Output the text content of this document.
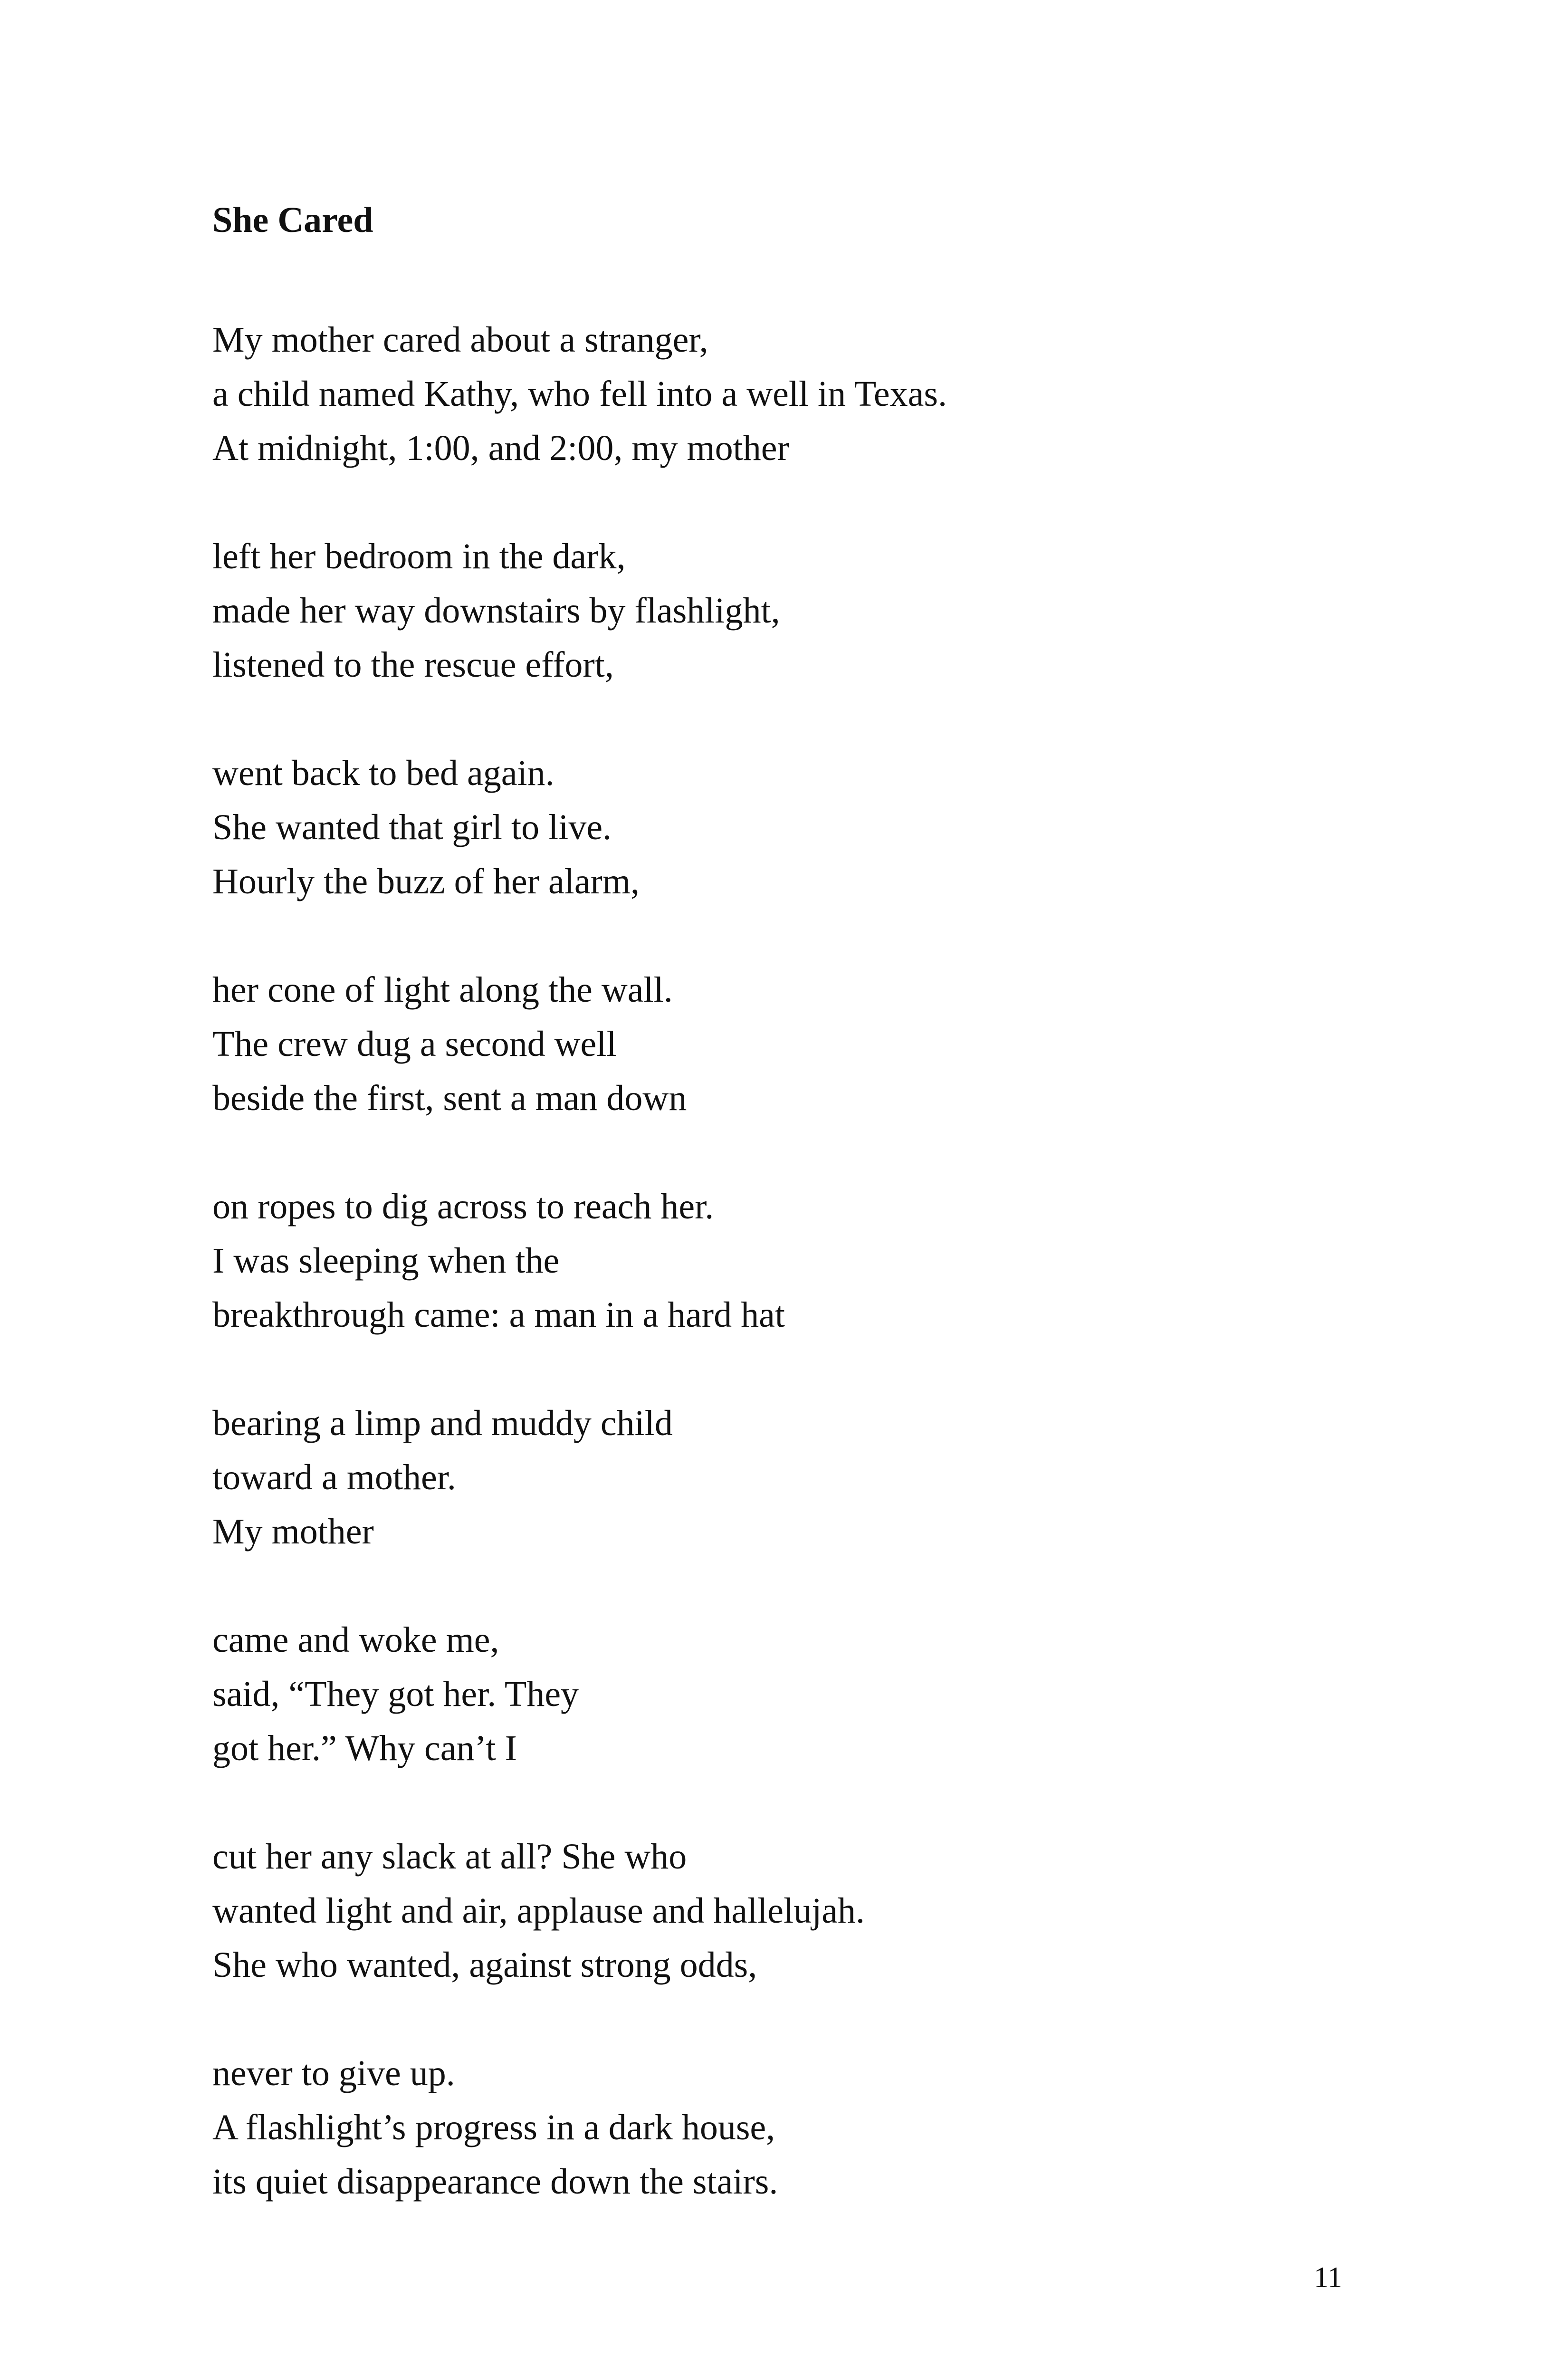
She Cared
My mother cared about a stranger,
a child named Kathy, who fell into a well in Texas.
At midnight, 1:00, and 2:00, my mother
left her bedroom in the dark,
made her way downstairs by flashlight,
listened to the rescue effort,
went back to bed again.
She wanted that girl to live.
Hourly the buzz of her alarm,
her cone of light along the wall.
The crew dug a second well
beside the first, sent a man down
on ropes to dig across to reach her.
I was sleeping when the
breakthrough came: a man in a hard hat
bearing a limp and muddy child
toward a mother.
My mother
came and woke me,
said, “They got her. They
got her.” Why can’t I
cut her any slack at all? She who
wanted light and air, applause and hallelujah.
She who wanted, against strong odds,
never to give up.
A flashlight’s progress in a dark house,
its quiet disappearance down the stairs.
11
